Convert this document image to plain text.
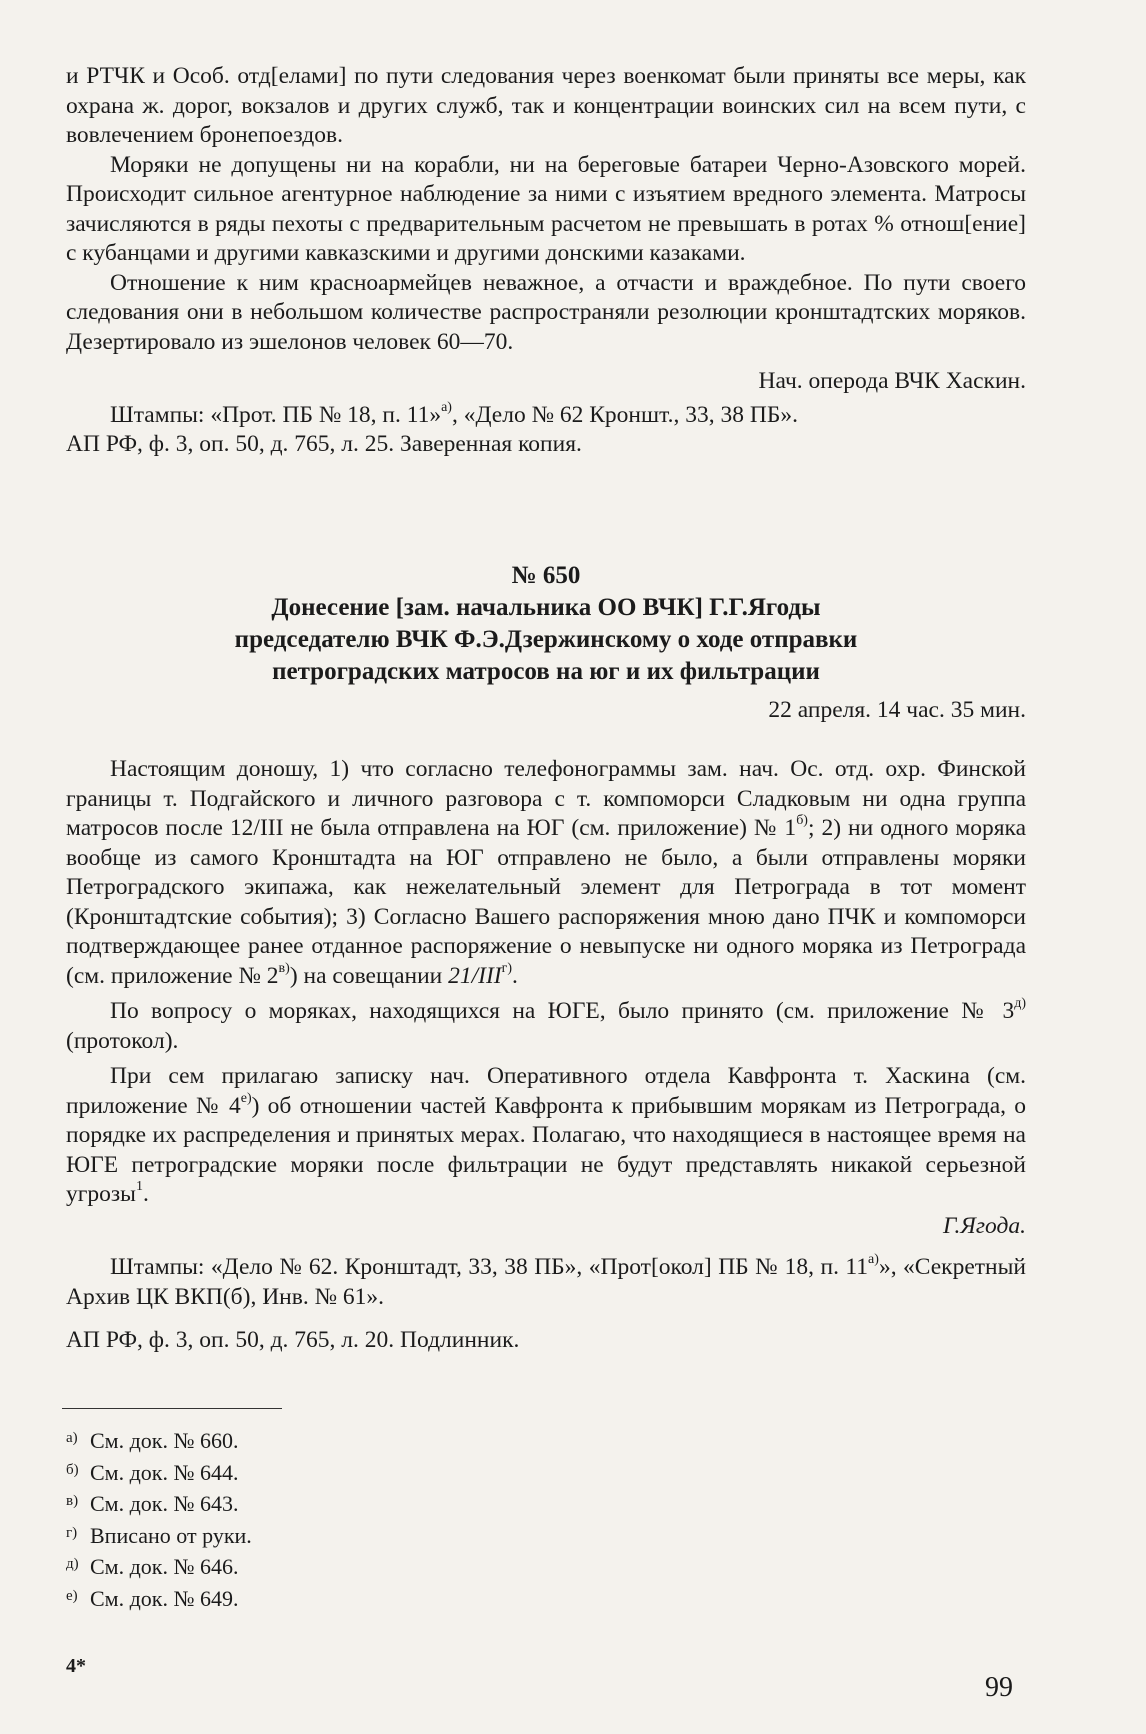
и РТЧК и Особ. отд[елами] по пути следования через военкомат были приняты все меры, как охрана ж. дорог, вокзалов и других служб, так и концентрации воинских сил на всем пути, с вовлечением бронепоездов.

Моряки не допущены ни на корабли, ни на береговые батареи Черно-Азовского морей. Происходит сильное агентурное наблюдение за ними с изъятием вредного элемента. Матросы зачисляются в ряды пехоты с предварительным расчетом не превышать в ротах % отнош[ение] с кубанцами и другими кавказскими и другими донскими казаками.

Отношение к ним красноармейцев неважное, а отчасти и враждебное. По пути своего следования они в небольшом количестве распространяли резолюции кронштадтских моряков. Дезертировало из эшелонов человек 60—70.

Нач. оперода ВЧК Хаскин.

Штампы: «Прот. ПБ № 18, п. 11»$^{а)}$, «Дело № 62 Кроншт., 33, 38 ПБ».

АП РФ, ф. 3, оп. 50, д. 765, л. 25. Заверенная копия.

№ 650
Донесение [зам. начальника ОО ВЧК] Г.Г.Ягоды
председателю ВЧК Ф.Э.Дзержинскому о ходе отправки
петроградских матросов на юг и их фильтрации

22 апреля. 14 час. 35 мин.

Настоящим доношу, 1) что согласно телефонограммы зам. нач. Ос. отд. охр. Финской границы т. Подгайского и личного разговора с т. компоморси Сладковым ни одна группа матросов после 12/III не была отправлена на ЮГ (см. приложение) № $1^{б)}$; 2) ни одного моряка вообще из самого Кронштадта на ЮГ отправлено не было, а были отправлены моряки Петроградского экипажа, как нежелательный элемент для Петрограда в тот момент (Кронштадтские события); 3) Согласно Вашего распоряжения мною дано ПЧК и компоморси подтверждающее ранее отданное распоряжение о невыпуске ни одного моряка из Петрограда (см. приложение № $2^{в)}$) на совещании $21/III^{г)}$.

По вопросу о моряках, находящихся на ЮГЕ, было принято (см. приложение № $3^{д)}$ (протокол).

При сем прилагаю записку нач. Оперативного отдела Кавфронта т. Хаскина (см. приложение № $4^{е)}$) об отношении частей Кавфронта к прибывшим морякам из Петрограда, о порядке их распределения и принятых мерах. Полагаю, что находящиеся в настоящее время на ЮГЕ петроградские моряки после фильтрации не будут представлять никакой серьезной угрозы$^1$.

Г.Ягода.

Штампы: «Дело № 62. Кронштадт, 33, 38 ПБ», «Прот[окол] ПБ № 18, п. $11^{а)}$», «Секретный Архив ЦК ВКП(б), Инв. № 61».

АП РФ, ф. 3, оп. 50, д. 765, л. 20. Подлинник.

а) См. док. № 660.
б) См. док. № 644.
в) См. док. № 643.
г) Вписано от руки.
д) См. док. № 646.
е) См. док. № 649.
4*
99
